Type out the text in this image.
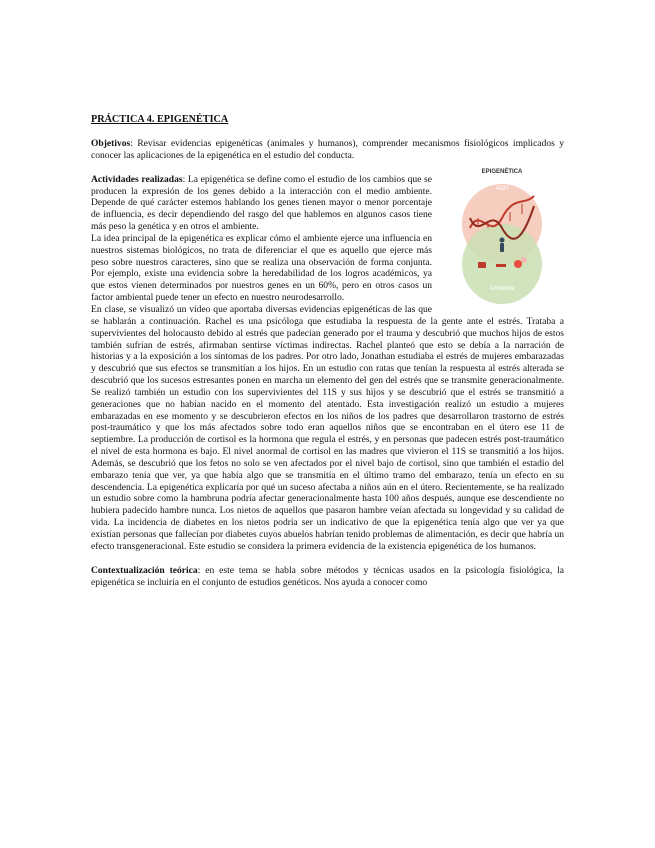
PRÁCTICA 4. EPIGENÉTICA

Objetivos: Revisar evidencias epigenéticas (animales y humanos), comprender mecanismos fisiológicos implicados y conocer las aplicaciones de la epigenética en el estudio del conducta.

EPIGENÉTICA
ADN
Ambiente

Actividades realizadas: La epigenética se define como el estudio de los cambios que se producen la expresión de los genes debido a la interacción con el medio ambiente. Depende de qué carácter estemos hablando los genes tienen mayor o menor porcentaje de influencia, es decir dependiendo del rasgo del que hablemos en algunos casos tiene más peso la genética y en otros el ambiente.

La idea principal de la epigenética es explicar cómo el ambiente ejerce una influencia en nuestros sistemas biológicos, no trata de diferenciar el que es aquello que ejerce más peso sobre nuestros caracteres, sino que se realiza una observación de forma conjunta. Por ejemplo, existe una evidencia sobre la heredabilidad de los logros académicos, ya que estos vienen determinados por nuestros genes en un 60%, pero en otros casos un factor ambiental puede tener un efecto en nuestro neurodesarrollo.

En clase, se visualizó un vídeo que aportaba diversas evidencias epigenéticas de las que se hablarán a continuación. Rachel es una psicóloga que estudiaba la respuesta de la gente ante el estrés. Trataba a supervivientes del holocausto debido al estrés que padecían generado por el trauma y descubrió que muchos hijos de estos también sufrían de estrés, afirmaban sentirse víctimas indirectas. Rachel planteó que esto se debía a la narración de historias y a la exposición a los síntomas de los padres. Por otro lado, Jonathan estudiaba el estrés de mujeres embarazadas y descubrió que sus efectos se transmitían a los hijos. En un estudio con ratas que tenían la respuesta al estrés alterada se descubrió que los sucesos estresantes ponen en marcha un elemento del gen del estrés que se transmite generacionalmente. Se realizó también un estudio con los supervivientes del 11S y sus hijos y se descubrió que el estrés se transmitió a generaciones que no habían nacido en el momento del atentado. Esta investigación realizó un estudio a mujeres embarazadas en ese momento y se descubrieron efectos en los niños de los padres que desarrollaron trastorno de estrés post-traumático y que los más afectados sobre todo eran aquellos niños que se encontraban en el útero ese 11 de septiembre. La producción de cortisol es la hormona que regula el estrés, y en personas que padecen estrés post-traumático el nivel de esta hormona es bajo. El nivel anormal de cortisol en las madres que vivieron el 11S se transmitió a los hijos. Además, se descubrió que los fetos no solo se ven afectados por el nivel bajo de cortisol, sino que también el estadio del embarazo tenía que ver, ya que había algo que se transmitía en el último tramo del embarazo, tenía un efecto en su descendencia. La epigenética explicaría por qué un suceso afectaba a niños aún en el útero. Recientemente, se ha realizado un estudio sobre como la hambruna podría afectar generacionalmente hasta 100 años después, aunque ese descendiente no hubiera padecido hambre nunca. Los nietos de aquellos que pasaron hambre veían afectada su longevidad y su calidad de vida. La incidencia de diabetes en los nietos podría ser un indicativo de que la epigenética tenía algo que ver ya que existían personas que fallecían por diabetes cuyos abuelos habrían tenido problemas de alimentación, es decir que habría un efecto transgeneracional. Este estudio se considera la primera evidencia de la existencia epigenética de los humanos.

Contextualización teórica: en este tema se habla sobre métodos y técnicas usados en la psicología fisiológica, la epigenética se incluiría en el conjunto de estudios genéticos. Nos ayuda a conocer como
